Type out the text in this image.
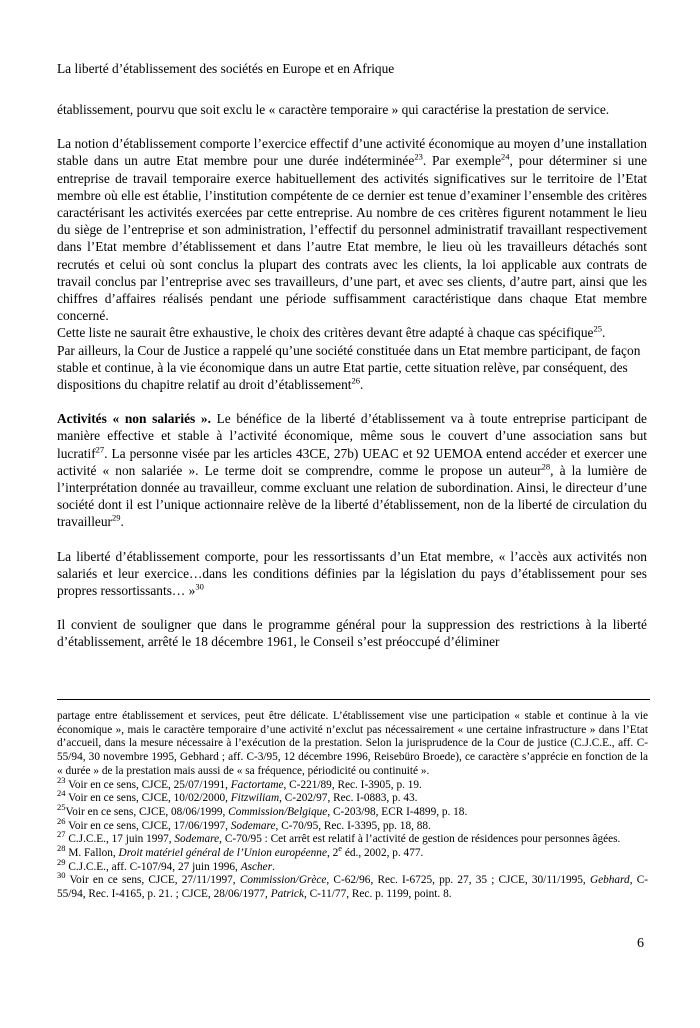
La liberté d’établissement des sociétés en Europe et en Afrique

établissement, pourvu que soit exclu le « caractère temporaire » qui caractérise la prestation de service.

La notion d’établissement comporte l’exercice effectif d’une activité économique au moyen d’une installation stable dans un autre Etat membre pour une durée indéterminée$^{23}$. Par exemple$^{24}$, pour déterminer si une entreprise de travail temporaire exerce habituellement des activités significatives sur le territoire de l’Etat membre où elle est établie, l’institution compétente de ce dernier est tenue d’examiner l’ensemble des critères caractérisant les activités exercées par cette entreprise. Au nombre de ces critères figurent notamment le lieu du siège de l’entreprise et son administration, l’effectif du personnel administratif travaillant respectivement dans l’Etat membre d’établissement et dans l’autre Etat membre, le lieu où les travailleurs détachés sont recrutés et celui où sont conclus la plupart des contrats avec les clients, la loi applicable aux contrats de travail conclus par l’entreprise avec ses travailleurs, d’une part, et avec ses clients, d’autre part, ainsi que les chiffres d’affaires réalisés pendant une période suffisamment caractéristique dans chaque Etat membre concerné.

Cette liste ne saurait être exhaustive, le choix des critères devant être adapté à chaque cas spécifique$^{25}$.

Par ailleurs, la Cour de Justice a rappelé qu’une société constituée dans un Etat membre participant, de façon stable et continue, à la vie économique dans un autre Etat partie, cette situation relève, par conséquent, des dispositions du chapitre relatif au droit d’établissement$^{26}$.

Activités « non salariés ». Le bénéfice de la liberté d’établissement va à toute entreprise participant de manière effective et stable à l’activité économique, même sous le couvert d’une association sans but lucratif$^{27}$. La personne visée par les articles 43CE, 27b) UEAC et 92 UEMOA entend accéder et exercer une activité « non salariée ». Le terme doit se comprendre, comme le propose un auteur$^{28}$, à la lumière de l’interprétation donnée au travailleur, comme excluant une relation de subordination. Ainsi, le directeur d’une société dont il est l’unique actionnaire relève de la liberté d’établissement, non de la liberté de circulation du travailleur$^{29}$.

La liberté d’établissement comporte, pour les ressortissants d’un Etat membre, « l’accès aux activités non salariés et leur exercice…dans les conditions définies par la législation du pays d’établissement pour ses propres ressortissants… »$^{30}$

Il convient de souligner que dans le programme général pour la suppression des restrictions à la liberté d’établissement, arrêté le 18 décembre 1961, le Conseil s’est préoccupé d’éliminer

partage entre établissement et services, peut être délicate. L’établissement vise une participation « stable et continue à la vie économique », mais le caractère temporaire d’une activité n’exclut pas nécessairement « une certaine infrastructure » dans l’Etat d’accueil, dans la mesure nécessaire à l’exécution de la prestation. Selon la jurisprudence de la Cour de justice (C.J.C.E., aff. C-55/94, 30 novembre 1995, Gebhard ; aff. C-3/95, 12 décembre 1996, Reisebüro Broede), ce caractère s’apprécie en fonction de la « durée » de la prestation mais aussi de « sa fréquence, périodicité ou continuité ».

$^{23}$ Voir en ce sens, CJCE, 25/07/1991, Factortame, C-221/89, Rec. I-3905, p. 19.

$^{24}$ Voir en ce sens, CJCE, 10/02/2000, Fitzwiliam, C-202/97, Rec. I-0883, p. 43.

$^{25}$Voir en ce sens, CJCE, 08/06/1999, Commission/Belgique, C-203/98, ECR I-4899, p. 18.

$^{26}$ Voir en ce sens, CJCE, 17/06/1997, Sodemare, C-70/95, Rec. I-3395, pp. 18, 88.

$^{27}$ C.J.C.E., 17 juin 1997, Sodemare, C-70/95 : Cet arrêt est relatif à l’activité de gestion de résidences pour personnes âgées.

$^{28}$ M. Fallon, Droit matériel général de l’Union européenne, 2e éd., 2002, p. 477.

$^{29}$ C.J.C.E., aff. C-107/94, 27 juin 1996, Ascher.

$^{30}$ Voir en ce sens, CJCE, 27/11/1997, Commission/Grèce, C-62/96, Rec. I-6725, pp. 27, 35 ; CJCE, 30/11/1995, Gebhard, C-55/94, Rec. I-4165, p. 21. ; CJCE, 28/06/1977, Patrick, C-11/77, Rec. p. 1199, point. 8.

6
